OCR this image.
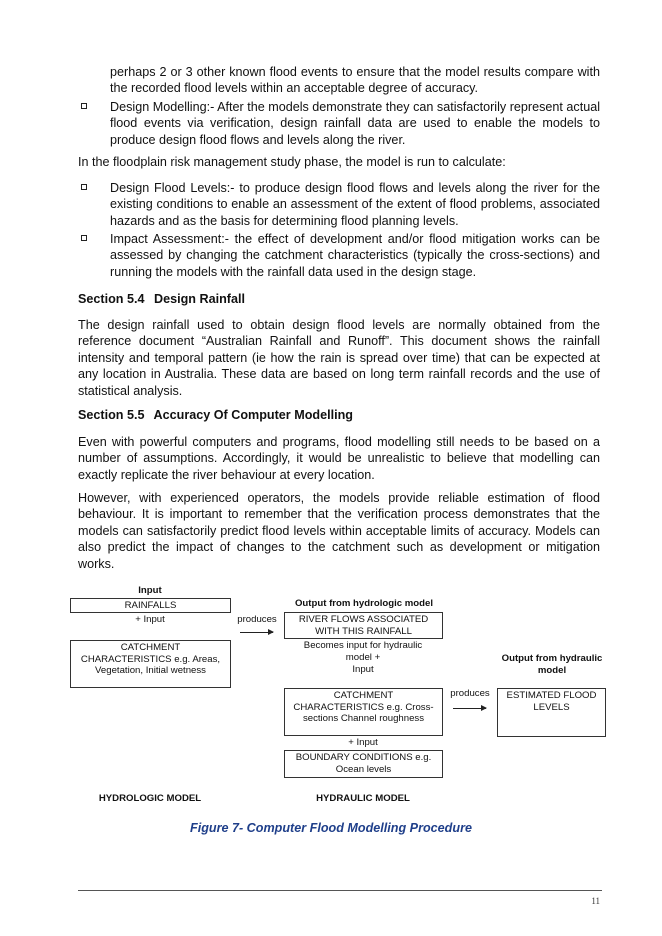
perhaps 2 or 3 other known flood events to ensure that the model results compare with the recorded flood levels within an acceptable degree of accuracy.

Design Modelling:- After the models demonstrate they can satisfactorily represent actual flood events via verification, design rainfall data are used to enable the models to produce design flood flows and levels along the river.

In the floodplain risk management study phase, the model is run to calculate:

Design Flood Levels:- to produce design flood flows and levels along the river for the existing conditions to enable an assessment of the extent of flood problems, associated hazards and as the basis for determining flood planning levels.

Impact Assessment:- the effect of development and/or flood mitigation works can be assessed by changing the catchment characteristics (typically the cross-sections) and running the models with the rainfall data used in the design stage.

Section 5.4 Design Rainfall

The design rainfall used to obtain design flood levels are normally obtained from the reference document “Australian Rainfall and Runoff”. This document shows the rainfall intensity and temporal pattern (ie how the rain is spread over time) that can be expected at any location in Australia. These data are based on long term rainfall records and the use of statistical analysis.

Section 5.5 Accuracy Of Computer Modelling

Even with powerful computers and programs, flood modelling still needs to be based on a number of assumptions. Accordingly, it would be unrealistic to believe that modelling can exactly replicate the river behaviour at every location.

However, with experienced operators, the models provide reliable estimation of flood behaviour. It is important to remember that the verification process demonstrates that the models can satisfactorily predict flood levels within acceptable limits of accuracy. Models can also predict the impact of changes to the catchment such as development or mitigation works.

Input
RAINFALLS
+ Input
CATCHMENT CHARACTERISTICS e.g. Areas, Vegetation, Initial wetness
produces
Output from hydrologic model
RIVER FLOWS ASSOCIATED WITH THIS RAINFALL
Becomes input for hydraulic model +
Input
CATCHMENT CHARACTERISTICS e.g. Cross-sections Channel roughness
+ Input
BOUNDARY CONDITIONS e.g. Ocean levels
produces
Output from hydraulic model
ESTIMATED FLOOD LEVELS
HYDROLOGIC MODEL	HYDRAULIC MODEL
Figure 7- Computer Flood Modelling Procedure
11
